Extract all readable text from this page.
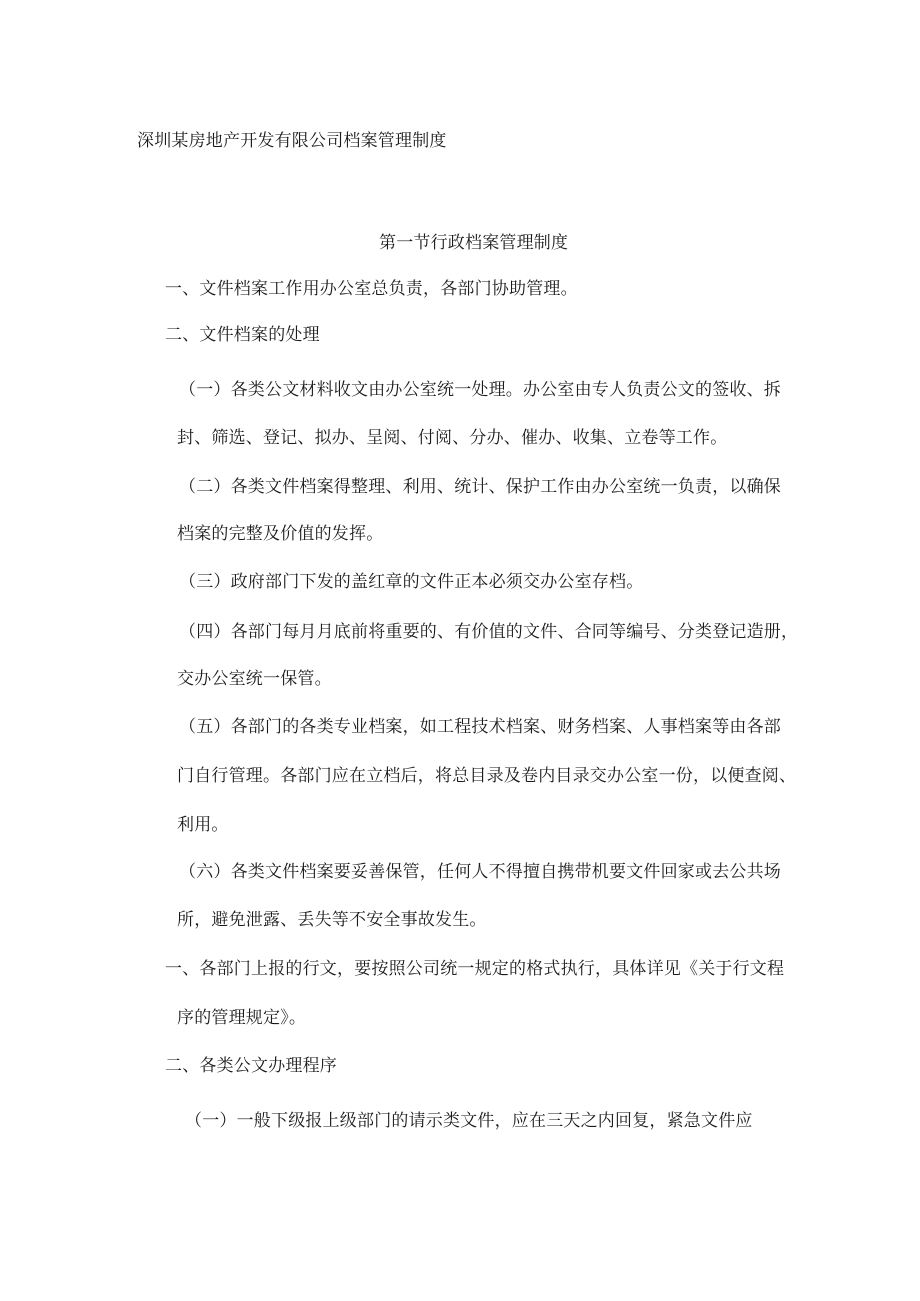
深圳某房地产开发有限公司档案管理制度
第一节行政档案管理制度
一、文件档案工作用办公室总负责，各部门协助管理。
二、文件档案的处理
（一）各类公文材料收文由办公室统一处理。办公室由专人负责公文的签收、拆
封、筛选、登记、拟办、呈阅、付阅、分办、催办、收集、立卷等工作。
（二）各类文件档案得整理、利用、统计、保护工作由办公室统一负责，以确保
档案的完整及价值的发挥。
（三）政府部门下发的盖红章的文件正本必须交办公室存档。
（四）各部门每月月底前将重要的、有价值的文件、合同等编号、分类登记造册，
交办公室统一保管。
（五）各部门的各类专业档案，如工程技术档案、财务档案、人事档案等由各部
门自行管理。各部门应在立档后，将总目录及卷内目录交办公室一份，以便查阅、
利用。
（六）各类文件档案要妥善保管，任何人不得擅自携带机要文件回家或去公共场
所，避免泄露、丢失等不安全事故发生。
一、各部门上报的行文，要按照公司统一规定的格式执行，具体详见《关于行文程
序的管理规定》。
二、各类公文办理程序
（一）一般下级报上级部门的请示类文件，应在三天之内回复，紧急文件应
